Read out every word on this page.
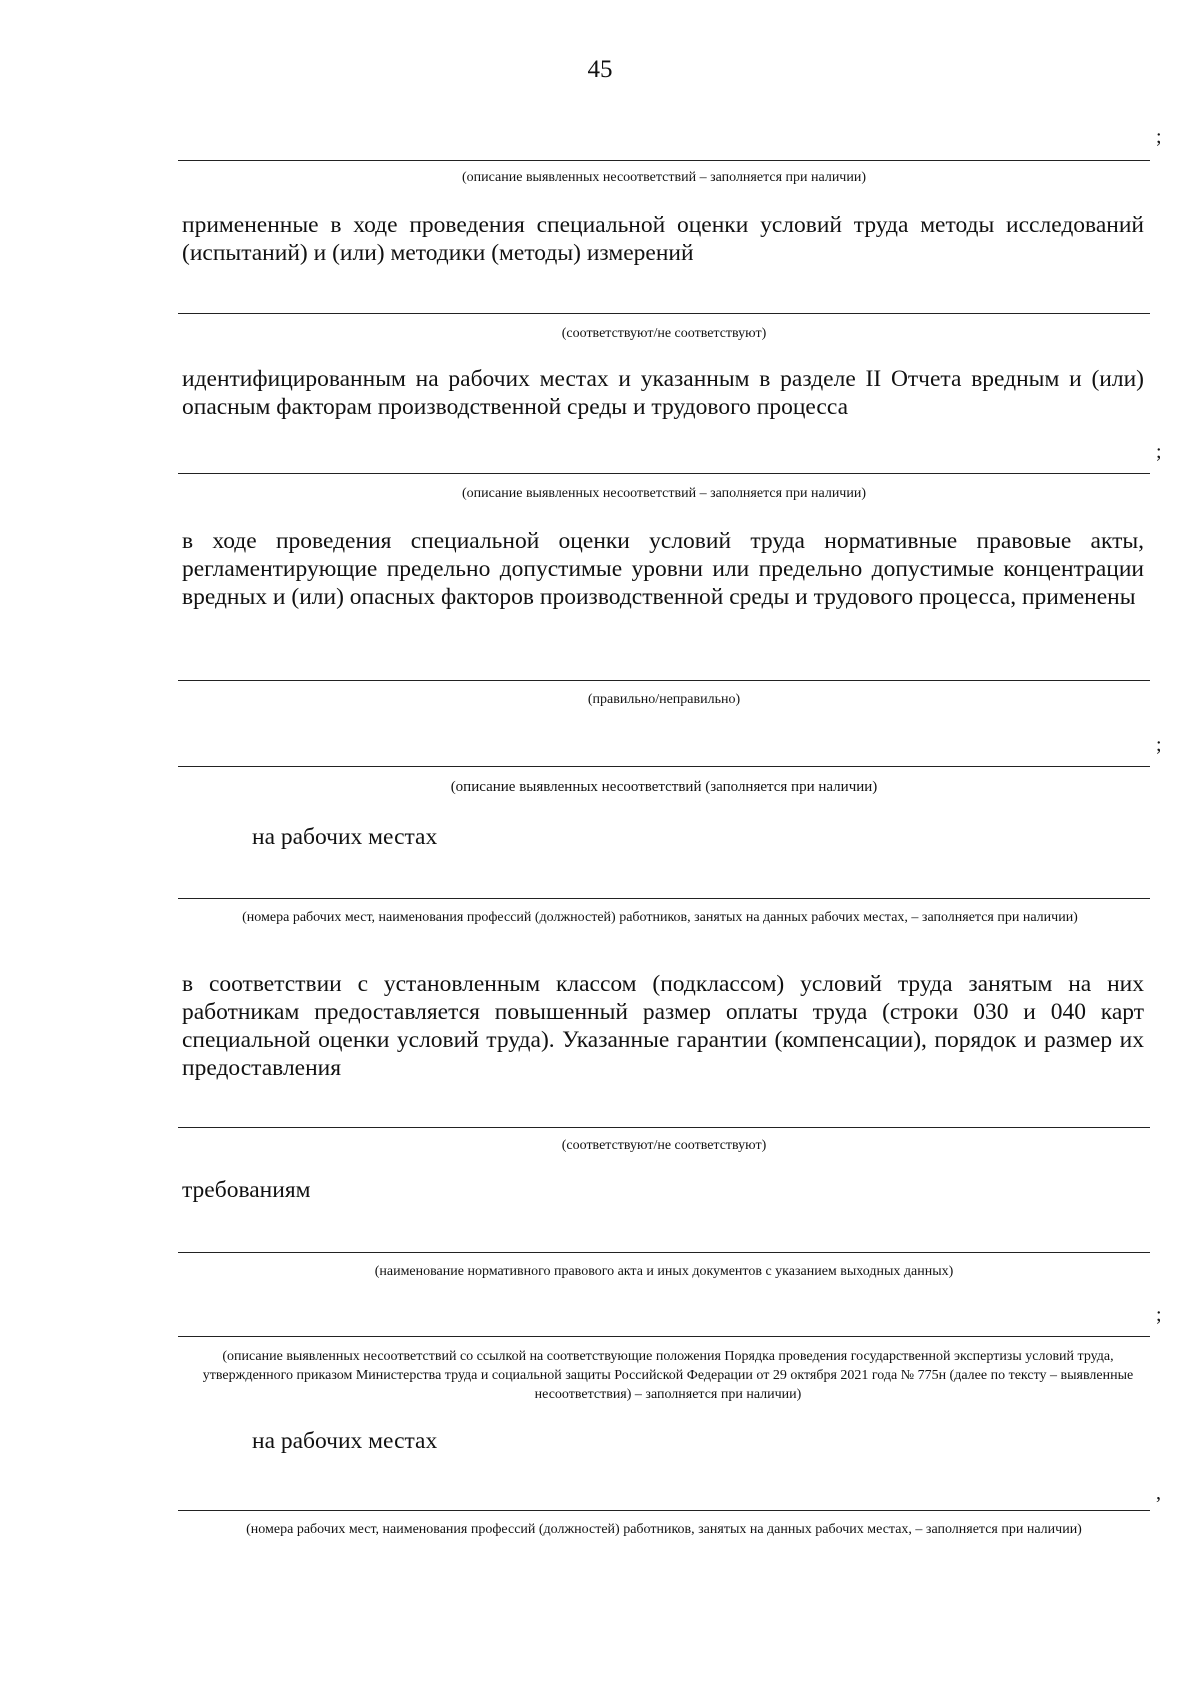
45
;
(описание выявленных несоответствий – заполняется при наличии)
примененные в ходе проведения специальной оценки условий труда методы исследований (испытаний) и (или) методики (методы) измерений
(соответствуют/не соответствуют)
идентифицированным на рабочих местах и указанным в разделе II Отчета вредным и (или) опасным факторам производственной среды и трудового процесса
;
(описание выявленных несоответствий – заполняется при наличии)
в ходе проведения специальной оценки условий труда нормативные правовые акты, регламентирующие предельно допустимые уровни или предельно допустимые концентрации вредных и (или) опасных факторов производственной среды и трудового процесса, применены
(правильно/неправильно)
;
(описание выявленных несоответствий (заполняется при наличии)
на рабочих местах
(номера рабочих мест, наименования профессий (должностей) работников, занятых на данных рабочих местах, – заполняется при наличии)
в соответствии с установленным классом (подклассом) условий труда занятым на них работникам предоставляется повышенный размер оплаты труда (строки 030 и 040 карт специальной оценки условий труда). Указанные гарантии (компенсации), порядок и размер их предоставления
(соответствуют/не соответствуют)
требованиям
(наименование нормативного правового акта и иных документов с указанием выходных данных)
;
(описание выявленных несоответствий со ссылкой на соответствующие положения Порядка проведения государственной экспертизы условий труда, утвержденного приказом Министерства труда и социальной защиты Российской Федерации от 29 октября 2021 года № 775н (далее по тексту – выявленные несоответствия) – заполняется при наличии)
на рабочих местах
,
(номера рабочих мест, наименования профессий (должностей) работников, занятых на данных рабочих местах, – заполняется при наличии)
